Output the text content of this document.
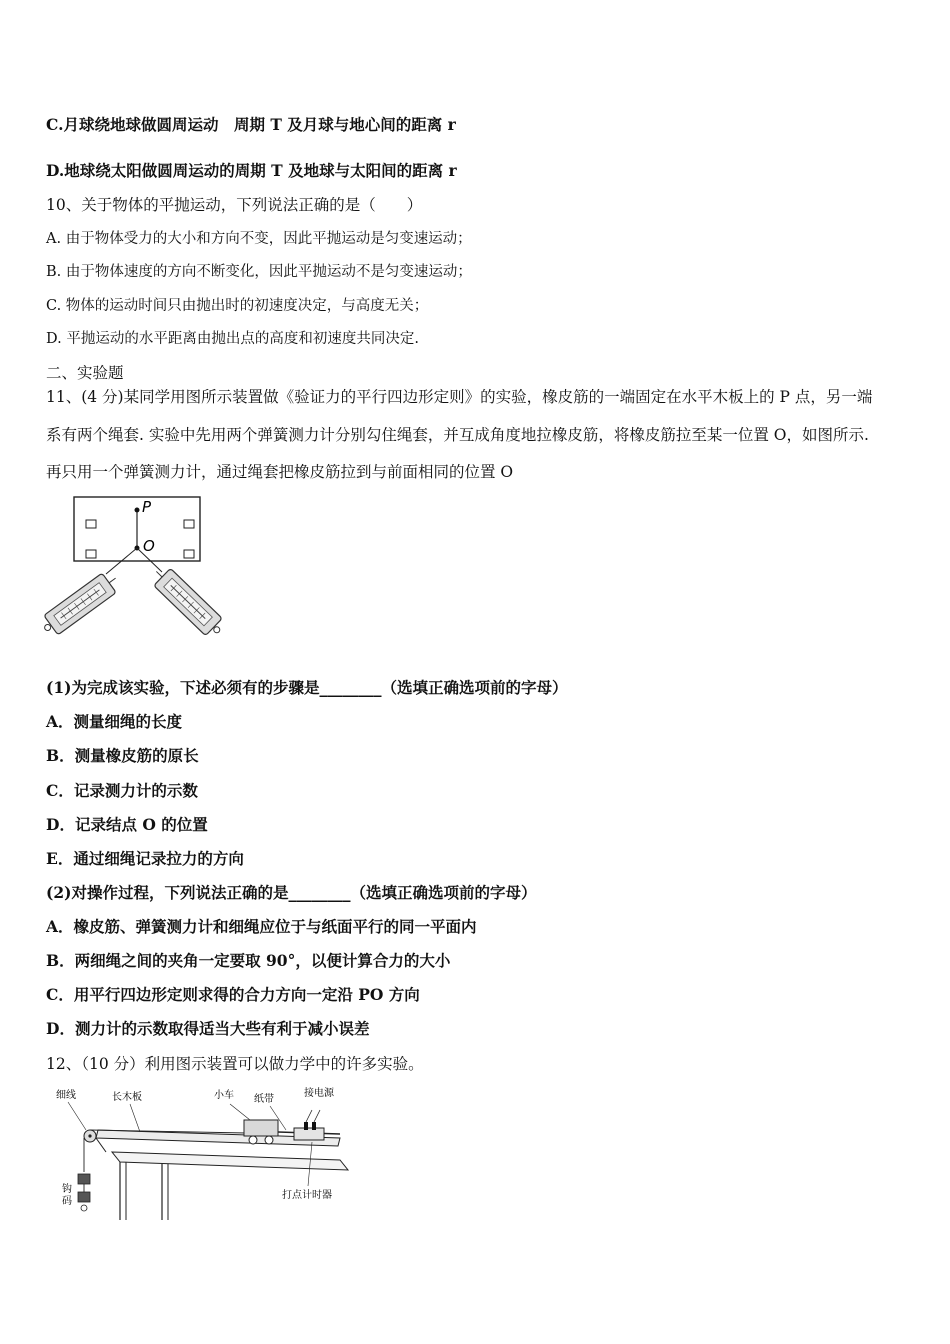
C.月球绕地球做圆周运动　周期 T 及月球与地心间的距离 r
D.地球绕太阳做圆周运动的周期 T 及地球与太阳间的距离 r
10、关于物体的平抛运动，下列说法正确的是（　　）
A. 由于物体受力的大小和方向不变，因此平抛运动是匀变速运动；
B. 由于物体速度的方向不断变化，因此平抛运动不是匀变速运动；
C. 物体的运动时间只由抛出时的初速度决定，与高度无关；
D. 平抛运动的水平距离由抛出点的高度和初速度共同决定.
二、实验题
11、(4 分)某同学用图所示装置做《验证力的平行四边形定则》的实验，橡皮筋的一端固定在水平木板上的 P 点，另一端
系有两个绳套. 实验中先用两个弹簧测力计分别勾住绳套，并互成角度地拉橡皮筋，将橡皮筋拉至某一位置 O，如图所示.
再只用一个弹簧测力计，通过绳套把橡皮筋拉到与前面相同的位置 O
P
O
(1)为完成该实验，下述必须有的步骤是________（选填正确选项前的字母）
A．测量细绳的长度
B．测量橡皮筋的原长
C．记录测力计的示数
D．记录结点 O 的位置
E．通过细绳记录拉力的方向
(2)对操作过程，下列说法正确的是________（选填正确选项前的字母）
A．橡皮筋、弹簧测力计和细绳应位于与纸面平行的同一平面内
B．两细绳之间的夹角一定要取 90°，以便计算合力的大小
C．用平行四边形定则求得的合力方向一定沿 PO 方向
D．测力计的示数取得适当大些有利于减小误差
12、（10 分）利用图示装置可以做力学中的许多实验。
细线	长木板	小车 纸带
接电源
钩
码
打点计时器
